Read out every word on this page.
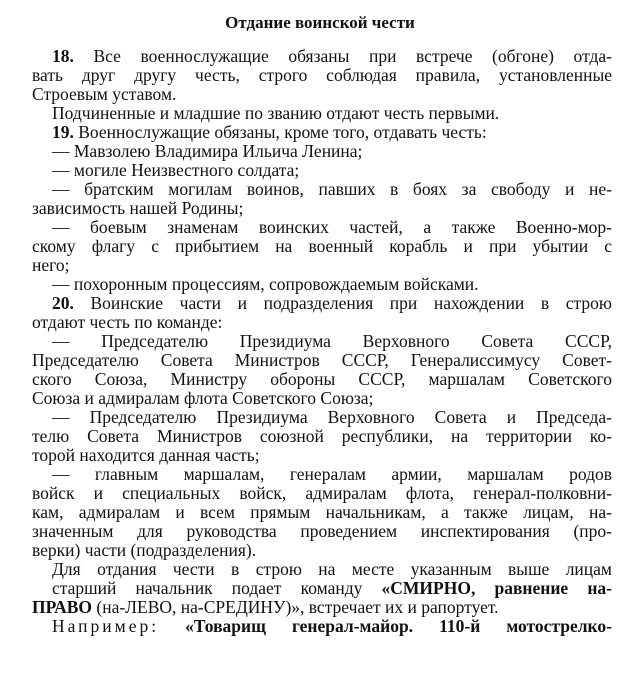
Отдание воинской чести
18. Все военнослужащие обязаны при встрече (обгоне) отда-
вать друг другу честь, строго соблюдая правила, установленные
Строевым уставом.
Подчиненные и младшие по званию отдают честь первыми.
19. Военнослужащие обязаны, кроме того, отдавать честь:
— Мавзолею Владимира Ильича Ленина;
— могиле Неизвестного солдата;
— братским могилам воинов, павших в боях за свободу и не-
зависимость нашей Родины;
— боевым знаменам воинских частей, а также Военно-мор-
скому флагу с прибытием на военный корабль и при убытии с
него;
— похоронным процессиям, сопровождаемым войсками.
20. Воинские части и подразделения при нахождении в строю
отдают честь по команде:
— Председателю Президиума Верховного Совета СССР,
Председателю Совета Министров СССР, Генералиссимусу Совет-
ского Союза, Министру обороны СССР, маршалам Советского
Союза и адмиралам флота Советского Союза;
— Председателю Президиума Верховного Совета и Председа-
телю Совета Министров союзной республики, на территории ко-
торой находится данная часть;
— главным маршалам, генералам армии, маршалам родов
войск и специальных войск, адмиралам флота, генерал-полковни-
кам, адмиралам и всем прямым начальникам, а также лицам, на-
значенным для руководства проведением инспектирования (про-
верки) части (подразделения).
Для отдания чести в строю на месте указанным выше лицам
старший начальник подает команду «СМИРНО, равнение на-
ПРАВО (на-ЛЕВО, на-СРЕДИНУ)», встречает их и рапортует.
Например: «Товарищ генерал-майор. 110-й мотострелко-
